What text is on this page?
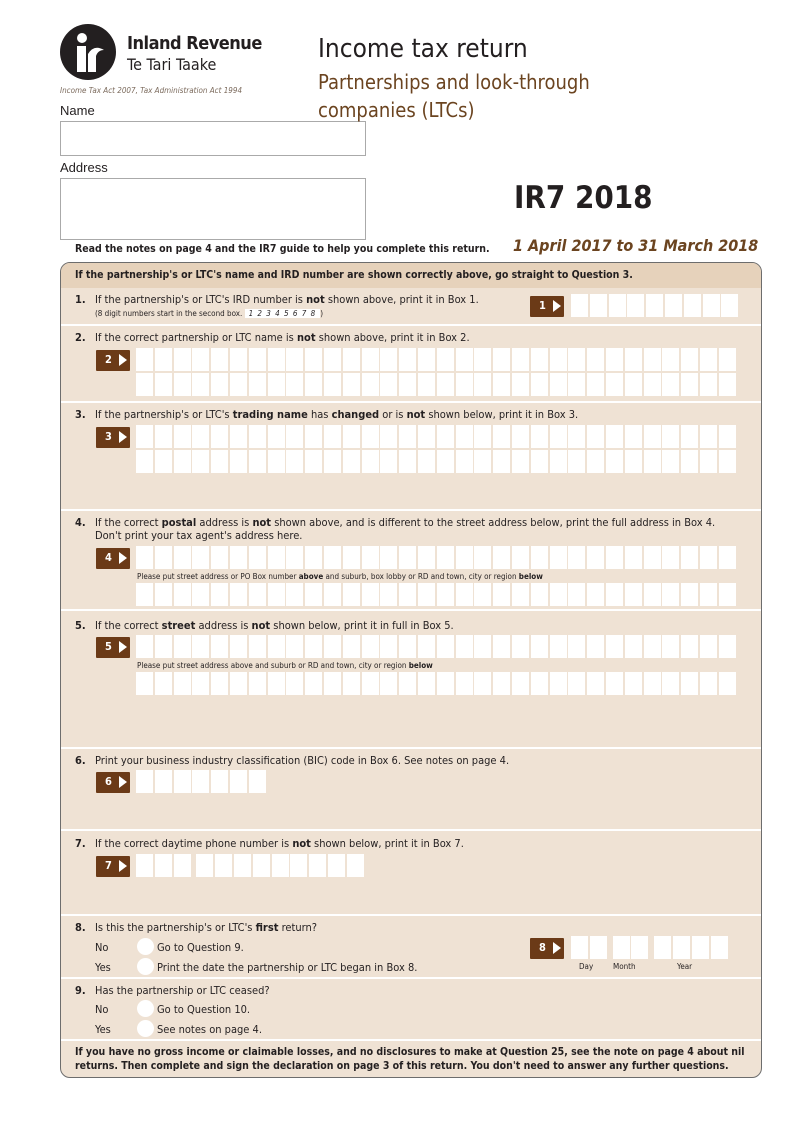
Inland Revenue
Te Tari Taake
Income Tax Act 2007, Tax Administration Act 1994
Name
Address
Income tax return
Partnerships and look-through companies (LTCs)
IR7 2018
1 April 2017 to 31 March 2018
Read the notes on page 4 and the IR7 guide to help you complete this return.
If the partnership's or LTC's name and IRD number are shown correctly above, go straight to Question 3.
1. If the partnership's or LTC's IRD number is not shown above, print it in Box 1.
(8 digit numbers start in the second box. 1 2 3 4 5 6 7 8 )
1
2. If the correct partnership or LTC name is not shown above, print it in Box 2.
2
3. If the partnership's or LTC's trading name has changed or is not shown below, print it in Box 3.
3
4. If the correct postal address is not shown above, and is different to the street address below, print the full address in Box 4.
Don't print your tax agent's address here.
4
Please put street address or PO Box number above and suburb, box lobby or RD and town, city or region below
5. If the correct street address is not shown below, print it in full in Box 5.
5
Please put street address above and suburb or RD and town, city or region below
6. Print your business industry classification (BIC) code in Box 6. See notes on page 4.
6
7. If the correct daytime phone number is not shown below, print it in Box 7.
7
8. Is this the partnership's or LTC's first return?
No	Go to Question 9.
Yes	Print the date the partnership or LTC began in Box 8.
8
Day Month	Year
9. Has the partnership or LTC ceased?
No	Go to Question 10.
Yes	See notes on page 4.
If you have no gross income or claimable losses, and no disclosures to make at Question 25, see the note on page 4 about nil returns. Then complete and sign the declaration on page 3 of this return. You don't need to answer any further questions.
